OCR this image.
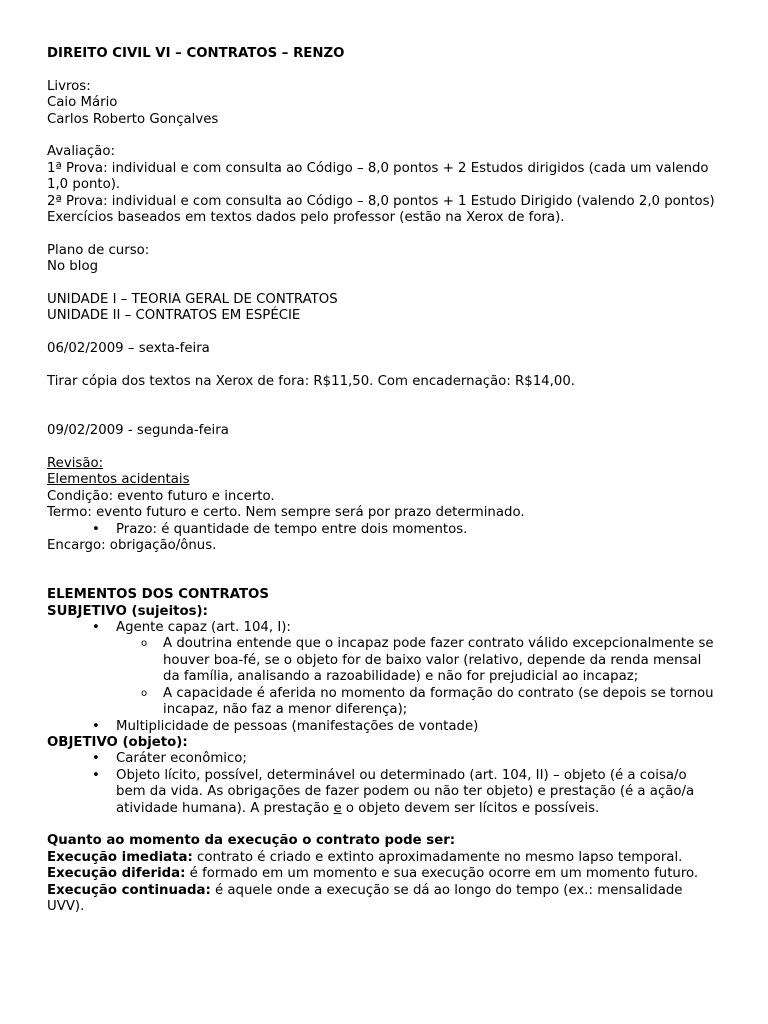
DIREITO CIVIL VI – CONTRATOS – RENZO

Livros:

Caio Mário

Carlos Roberto Gonçalves

Avaliação:

1ª Prova: individual e com consulta ao Código – 8,0 pontos + 2 Estudos dirigidos (cada um valendo 1,0 ponto).

2ª Prova: individual e com consulta ao Código – 8,0 pontos + 1 Estudo Dirigido (valendo 2,0 pontos)

Exercícios baseados em textos dados pelo professor (estão na Xerox de fora).

Plano de curso:

No blog

UNIDADE I – TEORIA GERAL DE CONTRATOS

UNIDADE II – CONTRATOS EM ESPÉCIE

06/02/2009 – sexta-feira

Tirar cópia dos textos na Xerox de fora: R$11,50. Com encadernação: R$14,00.

09/02/2009 - segunda-feira

Revisão:

Elementos acidentais

Condição: evento futuro e incerto.

Termo: evento futuro e certo. Nem sempre será por prazo determinado.

• Prazo: é quantidade de tempo entre dois momentos.

Encargo: obrigação/ônus.

ELEMENTOS DOS CONTRATOS

SUBJETIVO (sujeitos):

• Agente capaz (art. 104, I):
o A doutrina entende que o incapaz pode fazer contrato válido excepcionalmente se houver boa-fé, se o objeto for de baixo valor (relativo, depende da renda mensal da família, analisando a razoabilidade) e não for prejudicial ao incapaz;
o A capacidade é aferida no momento da formação do contrato (se depois se tornou incapaz, não faz a menor diferença);
• Multiplicidade de pessoas (manifestações de vontade)

OBJETIVO (objeto):

• Caráter econômico;
• Objeto lícito, possível, determinável ou determinado (art. 104, II) – objeto (é a coisa/o bem da vida. As obrigações de fazer podem ou não ter objeto) e prestação (é a ação/a atividade humana). A prestação e o objeto devem ser lícitos e possíveis.

Quanto ao momento da execução o contrato pode ser:

Execução imediata: contrato é criado e extinto aproximadamente no mesmo lapso temporal.

Execução diferida: é formado em um momento e sua execução ocorre em um momento futuro.

Execução continuada: é aquele onde a execução se dá ao longo do tempo (ex.: mensalidade UVV).
